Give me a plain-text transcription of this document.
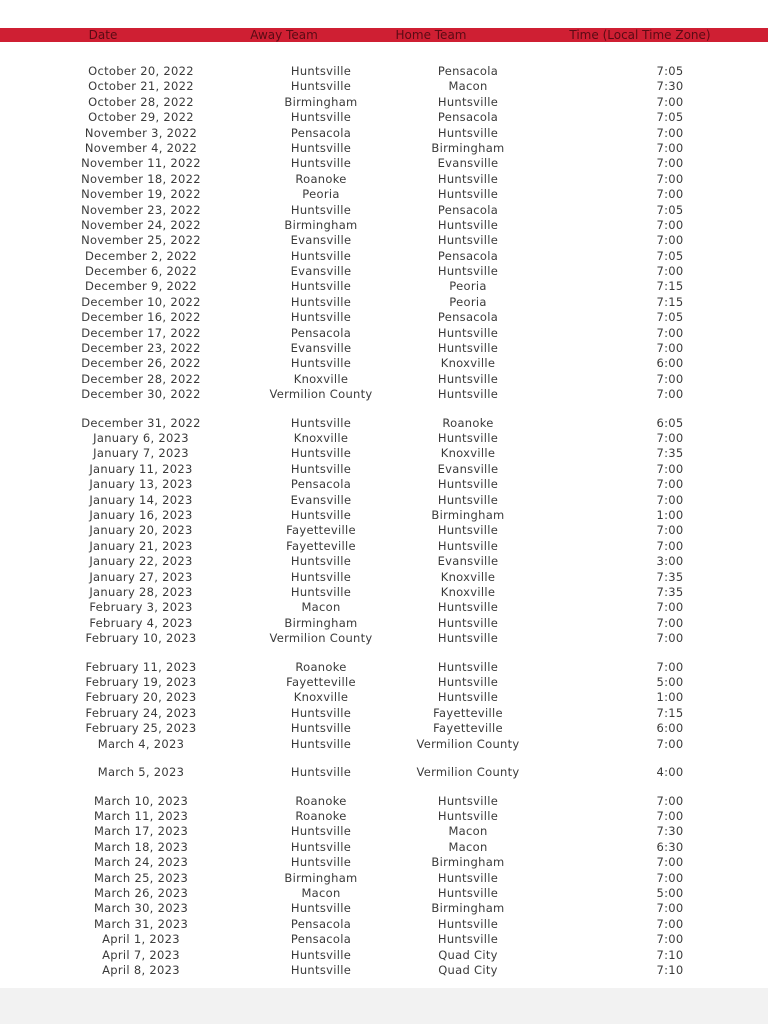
Date	Away Team	Home Team	Time (Local Time Zone)
October 20, 2022	Huntsville	Pensacola	7:05
October 21, 2022	Huntsville	Macon	7:30
October 28, 2022	Birmingham	Huntsville	7:00
October 29, 2022	Huntsville	Pensacola	7:05
November 3, 2022	Pensacola	Huntsville	7:00
November 4, 2022	Huntsville	Birmingham	7:00
November 11, 2022	Huntsville	Evansville	7:00
November 18, 2022	Roanoke	Huntsville	7:00
November 19, 2022	Peoria	Huntsville	7:00
November 23, 2022	Huntsville	Pensacola	7:05
November 24, 2022	Birmingham	Huntsville	7:00
November 25, 2022	Evansville	Huntsville	7:00
December 2, 2022	Huntsville	Pensacola	7:05
December 6, 2022	Evansville	Huntsville	7:00
December 9, 2022	Huntsville	Peoria	7:15
December 10, 2022	Huntsville	Peoria	7:15
December 16, 2022	Huntsville	Pensacola	7:05
December 17, 2022	Pensacola	Huntsville	7:00
December 23, 2022	Evansville	Huntsville	7:00
December 26, 2022	Huntsville	Knoxville	6:00
December 28, 2022	Knoxville	Huntsville	7:00
December 30, 2022	Vermilion County	Huntsville	7:00
December 31, 2022	Huntsville	Roanoke	6:05
January 6, 2023	Knoxville	Huntsville	7:00
January 7, 2023	Huntsville	Knoxville	7:35
January 11, 2023	Huntsville	Evansville	7:00
January 13, 2023	Pensacola	Huntsville	7:00
January 14, 2023	Evansville	Huntsville	7:00
January 16, 2023	Huntsville	Birmingham	1:00
January 20, 2023	Fayetteville	Huntsville	7:00
January 21, 2023	Fayetteville	Huntsville	7:00
January 22, 2023	Huntsville	Evansville	3:00
January 27, 2023	Huntsville	Knoxville	7:35
January 28, 2023	Huntsville	Knoxville	7:35
February 3, 2023	Macon	Huntsville	7:00
February 4, 2023	Birmingham	Huntsville	7:00
February 10, 2023	Vermilion County	Huntsville	7:00
February 11, 2023	Roanoke	Huntsville	7:00
February 19, 2023	Fayetteville	Huntsville	5:00
February 20, 2023	Knoxville	Huntsville	1:00
February 24, 2023	Huntsville	Fayetteville	7:15
February 25, 2023	Huntsville	Fayetteville	6:00
March 4, 2023	Huntsville	Vermilion County	7:00
March 5, 2023	Huntsville	Vermilion County	4:00
March 10, 2023	Roanoke	Huntsville	7:00
March 11, 2023	Roanoke	Huntsville	7:00
March 17, 2023	Huntsville	Macon	7:30
March 18, 2023	Huntsville	Macon	6:30
March 24, 2023	Huntsville	Birmingham	7:00
March 25, 2023	Birmingham	Huntsville	7:00
March 26, 2023	Macon	Huntsville	5:00
March 30, 2023	Huntsville	Birmingham	7:00
March 31, 2023	Pensacola	Huntsville	7:00
April 1, 2023	Pensacola	Huntsville	7:00
April 7, 2023	Huntsville	Quad City	7:10
April 8, 2023	Huntsville	Quad City	7:10
